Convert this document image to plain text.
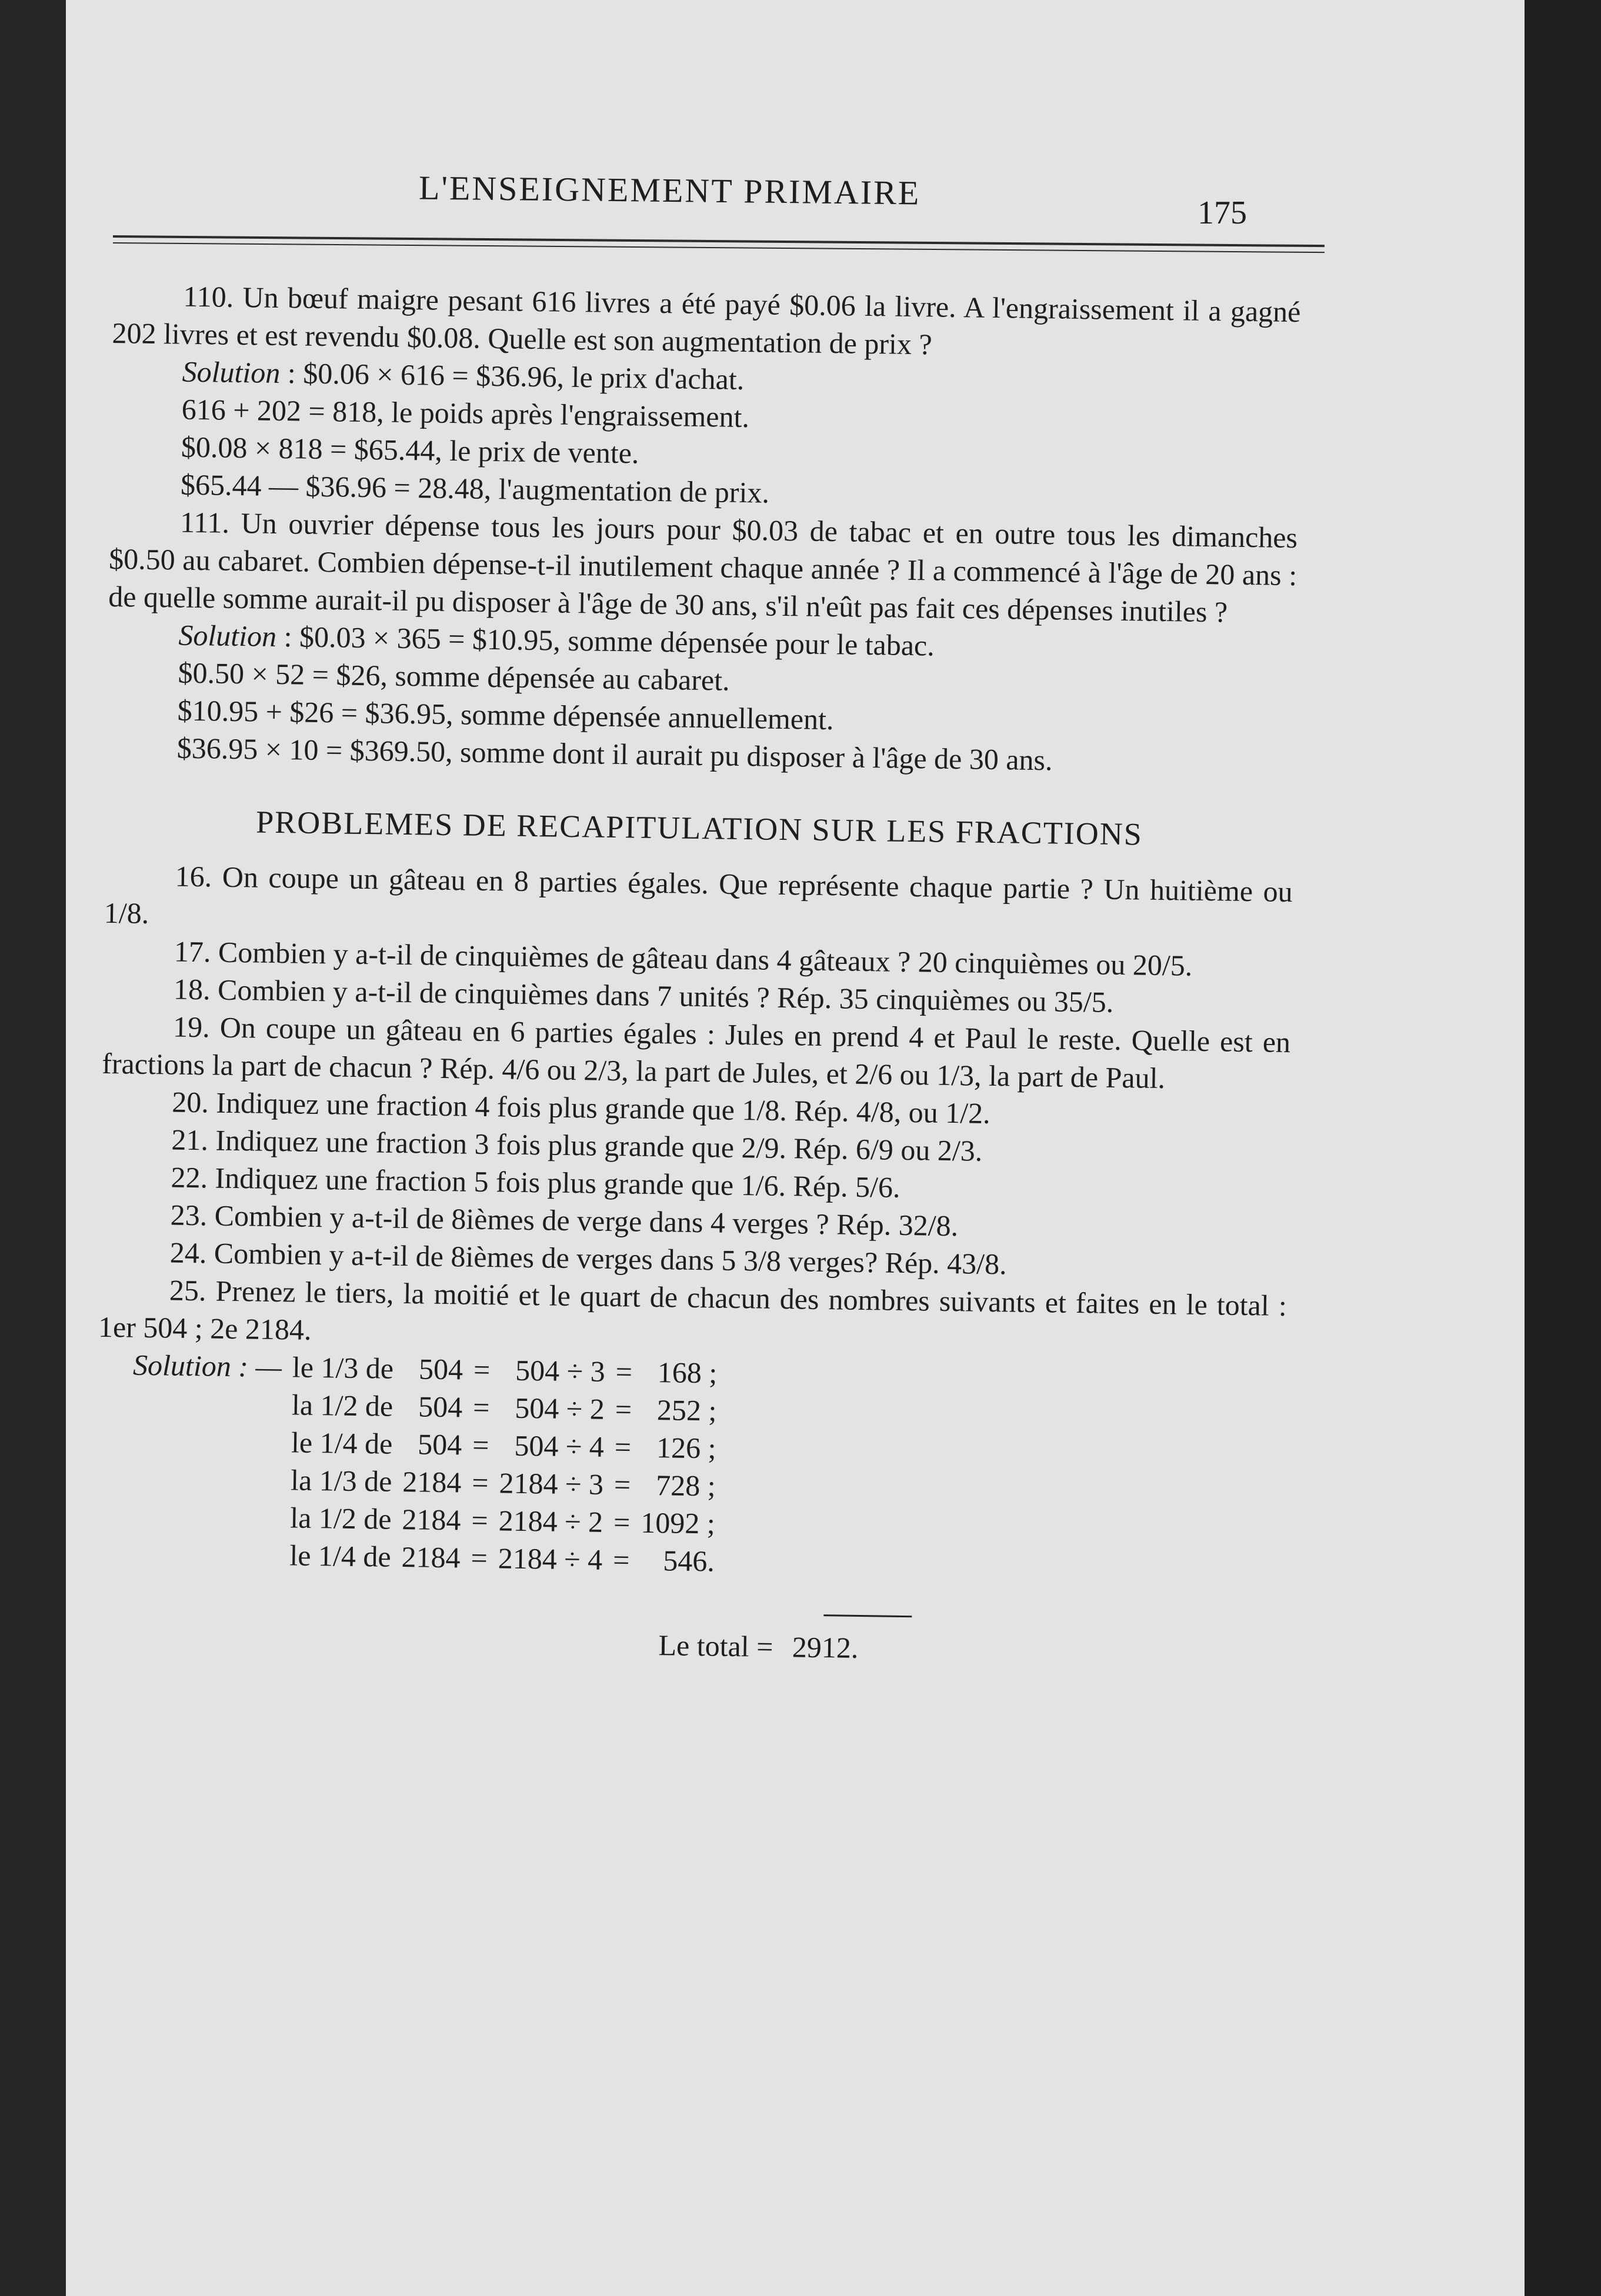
L'ENSEIGNEMENT PRIMAIRE
175

110. Un bœuf maigre pesant 616 livres a été payé $0.06 la livre. A l'engraissement il a gagné 202 livres et est revendu $0.08. Quelle est son augmentation de prix ?

Solution : $0.06 × 616 = $36.96, le prix d'achat.
616 + 202 = 818, le poids après l'engraissement.
$0.08 × 818 = $65.44, le prix de vente.
$65.44 — $36.96 = 28.48, l'augmentation de prix.

111. Un ouvrier dépense tous les jours pour $0.03 de tabac et en outre tous les dimanches $0.50 au cabaret. Combien dépense-t-il inutilement chaque année ? Il a commencé à l'âge de 20 ans : de quelle somme aurait-il pu disposer à l'âge de 30 ans, s'il n'eût pas fait ces dépenses inutiles ?

Solution : $0.03 × 365 = $10.95, somme dépensée pour le tabac.
$0.50 × 52 = $26, somme dépensée au cabaret.
$10.95 + $26 = $36.95, somme dépensée annuellement.
$36.95 × 10 = $369.50, somme dont il aurait pu disposer à l'âge de 30 ans.
PROBLEMES DE RECAPITULATION SUR LES FRACTIONS

16. On coupe un gâteau en 8 parties égales. Que représente chaque partie ? Un huitième ou 1/8.

17. Combien y a-t-il de cinquièmes de gâteau dans 4 gâteaux ? 20 cinquièmes ou 20/5.

18. Combien y a-t-il de cinquièmes dans 7 unités ? Rép. 35 cinquièmes ou 35/5.

19. On coupe un gâteau en 6 parties égales : Jules en prend 4 et Paul le reste. Quelle est en fractions la part de chacun ? Rép. 4/6 ou 2/3, la part de Jules, et 2/6 ou 1/3, la part de Paul.

20. Indiquez une fraction 4 fois plus grande que 1/8. Rép. 4/8, ou 1/2.

21. Indiquez une fraction 3 fois plus grande que 2/9. Rép. 6/9 ou 2/3.

22. Indiquez une fraction 5 fois plus grande que 1/6. Rép. 5/6.

23. Combien y a-t-il de 8ièmes de verge dans 4 verges ? Rép. 32/8.

24. Combien y a-t-il de 8ièmes de verges dans 5 3/8 verges? Rép. 43/8.

25. Prenez le tiers, la moitié et le quart de chacun des nombres suivants et faites en le total : 1er 504 ; 2e 2184.

Solution : —	le 1/3 de	504	=	504 ÷ 3	=	168 ;
	la 1/2 de	504	=	504 ÷ 2	=	252 ;
	le 1/4 de	504	=	504 ÷ 4	=	126 ;
	la 1/3 de	2184	=	2184 ÷ 3	=	728 ;
	la 1/2 de	2184	=	2184 ÷ 2	=	1092 ;
	le 1/4 de	2184	=	2184 ÷ 4	=	546.
Le total = 2912.
